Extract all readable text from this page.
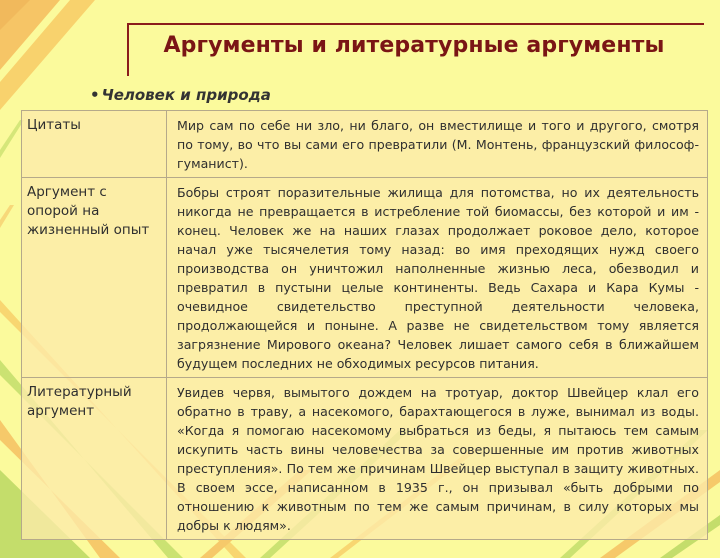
Аргументы и литературные аргументы
• Человек и природа
Цитаты	Мир сам по себе ни зло, ни благо, он вместилище и того и другого, смотря по тому, во что вы сами его превратили (М. Монтень, французский философ-гуманист).
Аргумент с опорой на жизненный опыт	Бобры строят поразительные жилища для потомства, но их деятельность никогда не превращается в истребление той биомассы, без которой и им - конец. Человек же на наших глазах продолжает роковое дело, которое начал уже тысячелетия тому назад: во имя преходящих нужд своего производства он уничтожил наполненные жизнью леса, обезводил и превратил в пустыни целые континенты. Ведь Сахара и Кара Кумы - очевидное свидетельство преступной деятельности человека, продолжающейся и поныне. А разве не свидетельством тому является загрязнение Мирового океана? Человек лишает самого себя в ближайшем будущем последних не обходимых ресурсов питания.
Литературный аргумент	Увидев червя, вымытого дождем на тротуар, доктор Швейцер клал его обратно в траву, а насекомого, барахтающегося в луже, вынимал из воды. «Когда я помогаю насекомому выбраться из беды, я пытаюсь тем самым искупить часть вины человечества за совершенные им против животных преступления». По тем же причинам Швейцер выступал в защиту животных. В своем эссе, написанном в 1935 г., он призывал «быть добрыми по отношению к животным по тем же самым причинам, в силу которых мы добры к людям».
